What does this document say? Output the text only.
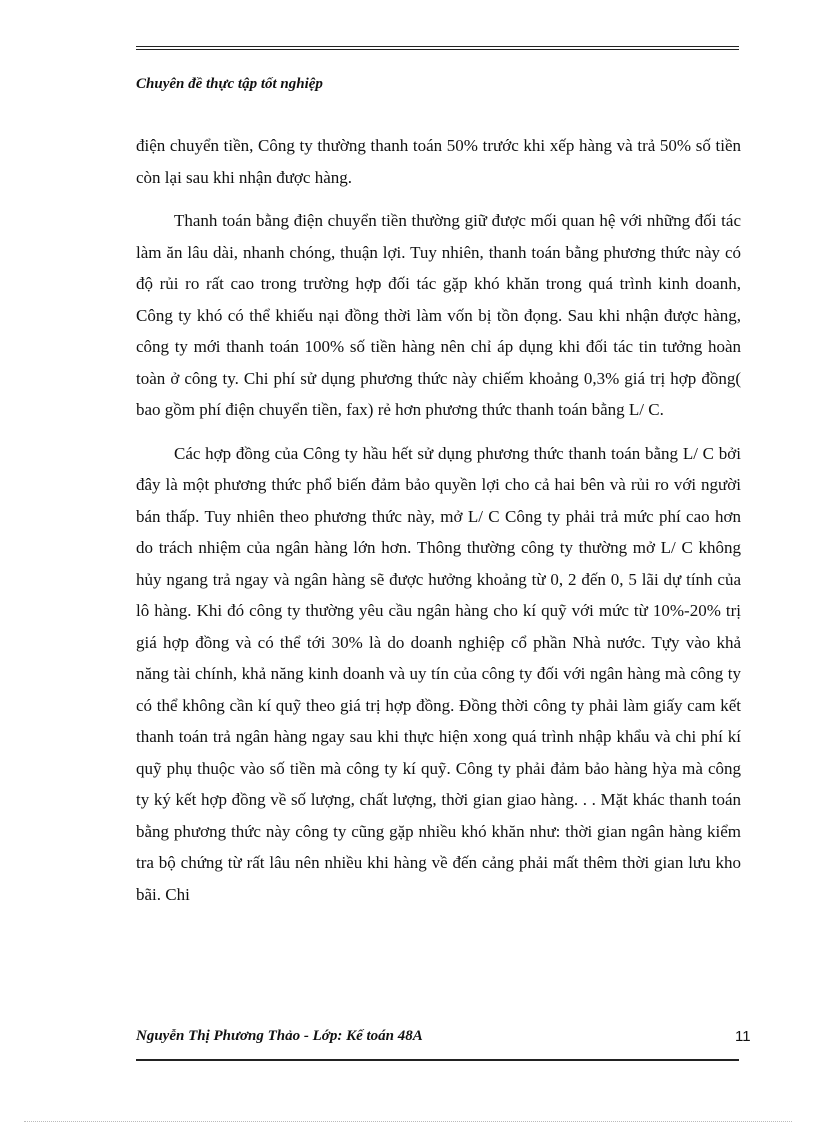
Chuyên đề thực tập tốt nghiệp

điện chuyển tiền, Công ty thường thanh toán 50% trước khi xếp hàng và trả 50% số tiền còn lại sau khi nhận được hàng.

Thanh toán bằng điện chuyển tiền thường giữ được mối quan hệ với những đối tác làm ăn lâu dài, nhanh chóng, thuận lợi. Tuy nhiên, thanh toán bằng phương thức này có độ rủi ro rất cao trong trường hợp đối tác gặp khó khăn trong quá trình kinh doanh, Công ty khó có thể khiếu nại đồng thời làm vốn bị tồn đọng. Sau khi nhận được hàng, công ty mới thanh toán 100% số tiền hàng nên chỉ áp dụng khi đối tác tin tưởng hoàn toàn ở công ty. Chi phí sử dụng phương thức này chiếm khoảng 0,3% giá trị hợp đồng( bao gồm phí điện chuyển tiền, fax) rẻ hơn phương thức thanh toán bằng L/ C.

Các hợp đồng của Công ty hầu hết sử dụng phương thức thanh toán bằng L/ C bởi đây là một phương thức phổ biến đảm bảo quyền lợi cho cả hai bên và rủi ro với người bán thấp. Tuy nhiên theo phương thức này, mở L/ C Công ty phải trả mức phí cao hơn do trách nhiệm của ngân hàng lớn hơn. Thông thường công ty thường mở L/ C không hủy ngang trả ngay và ngân hàng sẽ được hưởng khoảng từ 0, 2 đến 0, 5 lãi dự tính của lô hàng. Khi đó công ty thường yêu cầu ngân hàng cho kí quỹ với mức từ 10%-20% trị giá hợp đồng và có thể tới 30% là do doanh nghiệp cổ phần Nhà nước. Tựy vào khả năng tài chính, khả năng kinh doanh và uy tín của công ty đối với ngân hàng mà công ty có thể không cần kí quỹ theo giá trị hợp đồng. Đồng thời công ty phải làm giấy cam kết thanh toán trả ngân hàng ngay sau khi thực hiện xong quá trình nhập khẩu và chi phí kí quỹ phụ thuộc vào số tiền mà công ty kí quỹ. Công ty phải đảm bảo hàng hỳa mà công ty ký kết hợp đồng về số lượng, chất lượng, thời gian giao hàng. . . Mặt khác thanh toán bằng phương thức này công ty cũng gặp nhiều khó khăn như: thời gian ngân hàng kiểm tra bộ chứng từ rất lâu nên nhiều khi hàng về đến cảng phải mất thêm thời gian lưu kho bãi. Chi

Nguyễn Thị Phương Thảo - Lớp: Kế toán 48A	11
